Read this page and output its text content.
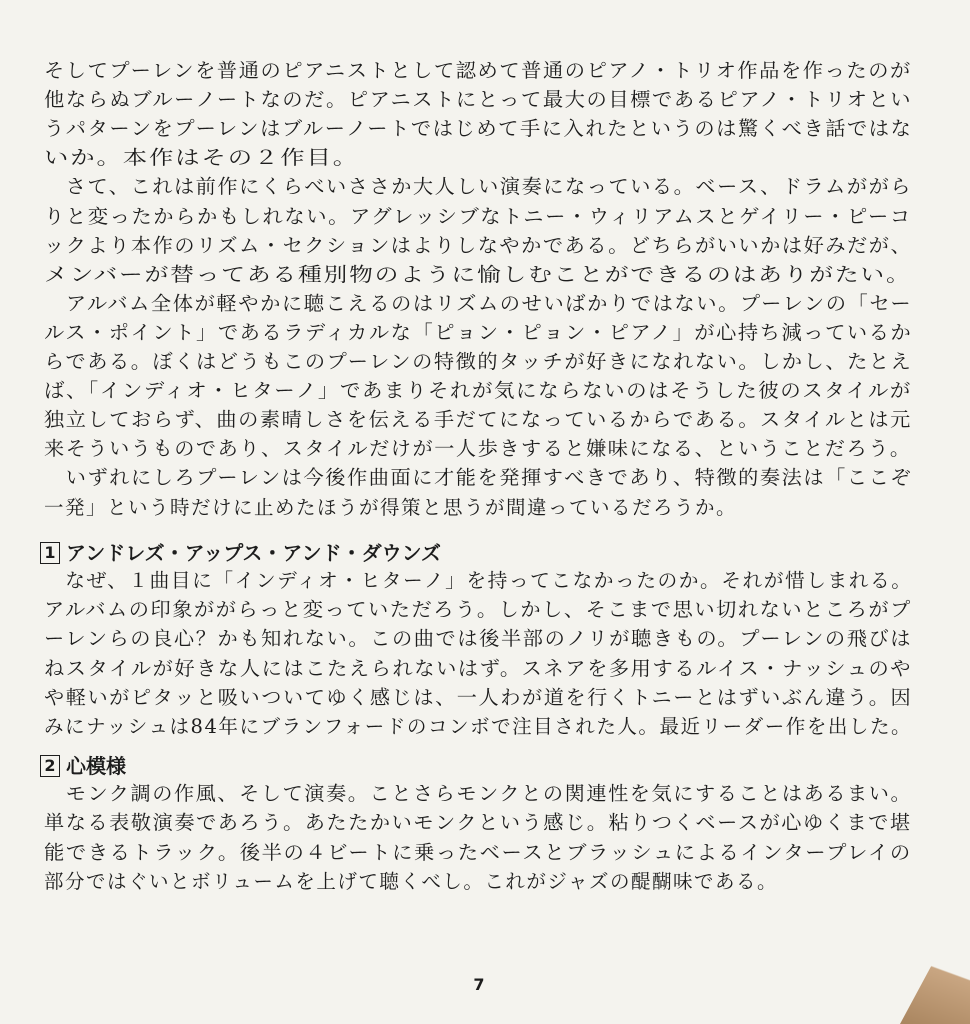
そしてプーレンを普通のピアニストとして認めて普通のピアノ・トリオ作品を作ったのが
他ならぬブルーノートなのだ。ピアニストにとって最大の目標であるピアノ・トリオとい
うパターンをプーレンはブルーノートではじめて手に入れたというのは驚くべき話ではな
いか。本作はその２作目。
　さて、これは前作にくらべいささか大人しい演奏になっている。ベース、ドラムががら
りと変ったからかもしれない。アグレッシブなトニー・ウィリアムスとゲイリー・ピーコ
ックより本作のリズム・セクションはよりしなやかである。どちらがいいかは好みだが、
メンバーが替ってある種別物のように愉しむことができるのはありがたい。
　アルバム全体が軽やかに聴こえるのはリズムのせいばかりではない。プーレンの「セー
ルス・ポイント」であるラディカルな「ピョン・ピョン・ピアノ」が心持ち減っているか
らである。ぼくはどうもこのプーレンの特徴的タッチが好きになれない。しかし、たとえ
ば、「インディオ・ヒターノ」であまりそれが気にならないのはそうした彼のスタイルが
独立しておらず、曲の素晴しさを伝える手だてになっているからである。スタイルとは元
来そういうものであり、スタイルだけが一人歩きすると嫌味になる、ということだろう。
　いずれにしろプーレンは今後作曲面に才能を発揮すべきであり、特徴的奏法は「ここぞ
一発」という時だけに止めたほうが得策と思うが間違っているだろうか。
1 アンドレズ・アップス・アンド・ダウンズ
　なぜ、１曲目に「インディオ・ヒターノ」を持ってこなかったのか。それが惜しまれる。
アルバムの印象ががらっと変っていただろう。しかし、そこまで思い切れないところがプ
ーレンらの良心？かも知れない。この曲では後半部のノリが聴きもの。プーレンの飛びは
ねスタイルが好きな人にはこたえられないはず。スネアを多用するルイス・ナッシュのや
や軽いがピタッと吸いついてゆく感じは、一人わが道を行くトニーとはずいぶん違う。因
みにナッシュは84年にブランフォードのコンボで注目された人。最近リーダー作を出した。
2 心模様
　モンク調の作風、そして演奏。ことさらモンクとの関連性を気にすることはあるまい。
単なる表敬演奏であろう。あたたかいモンクという感じ。粘りつくベースが心ゆくまで堪
能できるトラック。後半の４ビートに乗ったベースとブラッシュによるインタープレイの
部分ではぐいとボリュームを上げて聴くべし。これがジャズの醍醐味である。
7
